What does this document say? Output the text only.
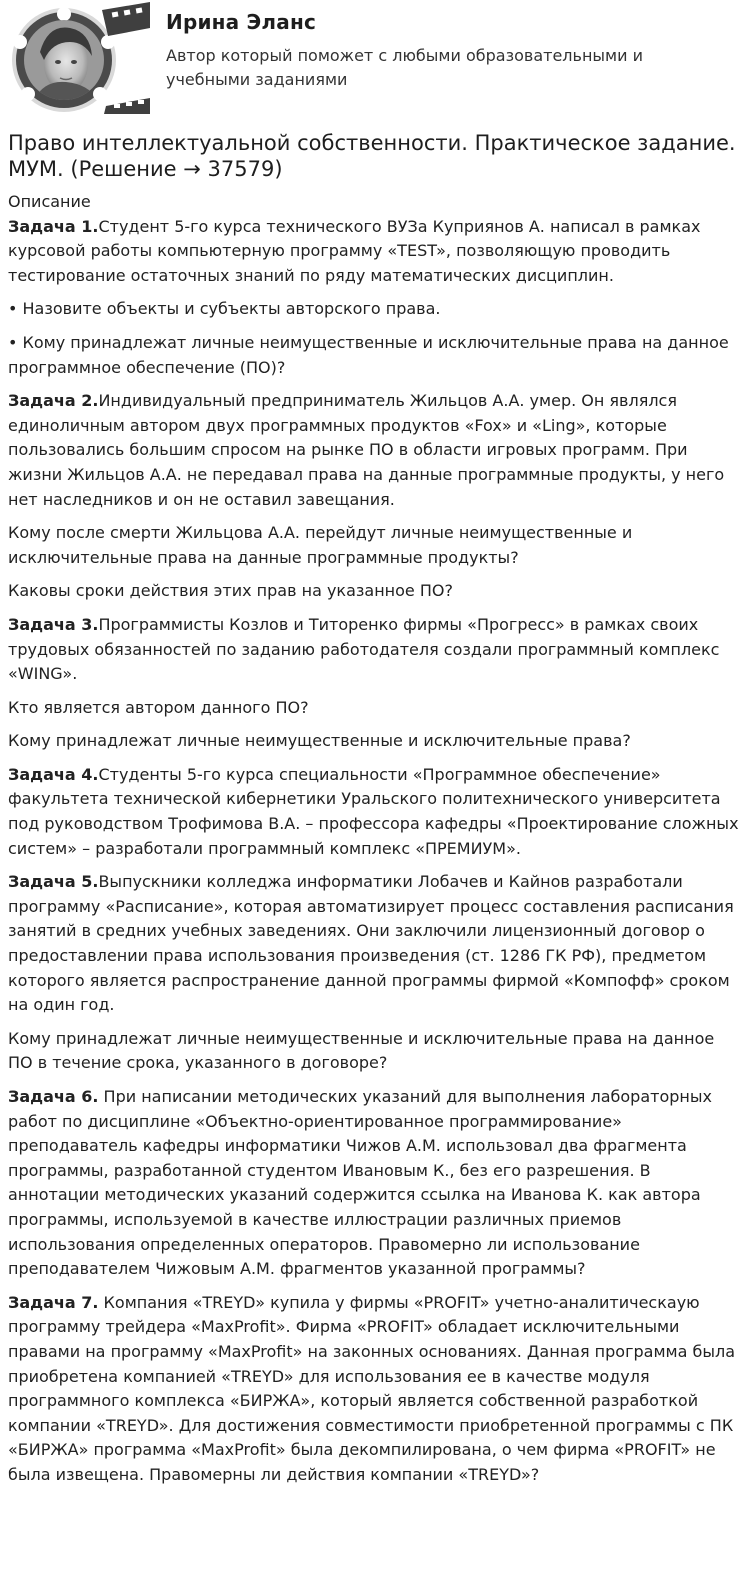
Ирина Эланс
Автор который поможет с любыми образовательными и учебными заданиями
Право интеллектуальной собственности. Практическое задание. МУМ. (Решение → 37579)

Описание

Задача 1.Студент 5-го курса технического ВУЗа Куприянов А. написал в рамках курсовой работы компьютерную программу «TEST», позволяющую проводить тестирование остаточных знаний по ряду математических дисциплин.

• Назовите объекты и субъекты авторского права.

• Кому принадлежат личные неимущественные и исключительные права на данное программное обеспечение (ПО)?

Задача 2.Индивидуальный предприниматель Жильцов А.А. умер. Он являлся единоличным автором двух программных продуктов «Fox» и «Ling», которые пользовались большим спросом на рынке ПО в области игровых программ. При жизни Жильцов А.А. не передавал права на данные программные продукты, у него нет наследников и он не оставил завещания.

Кому после смерти Жильцова А.А. перейдут личные неимущественные и исключительные права на данные программные продукты?

Каковы сроки действия этих прав на указанное ПО?

Задача 3.Программисты Козлов и Титоренко фирмы «Прогресс» в рамках своих трудовых обязанностей по заданию работодателя создали программный комплекс «WING».

Кто является автором данного ПО?

Кому принадлежат личные неимущественные и исключительные права?

Задача 4.Студенты 5-го курса специальности «Программное обеспечение» факультета технической кибернетики Уральского политехнического университета под руководством Трофимова В.А. – профессора кафедры «Проектирование сложных систем» – разработали программный комплекс «ПРЕМИУМ».

Задача 5.Выпускники колледжа информатики Лобачев и Кайнов разработали программу «Расписание», которая автоматизирует процесс составления расписания занятий в средних учебных заведениях. Они заключили лицензионный договор о предоставлении права использования произведения (ст. 1286 ГК РФ), предметом которого является распространение данной программы фирмой «Компофф» сроком на один год.

Кому принадлежат личные неимущественные и исключительные права на данное ПО в течение срока, указанного в договоре?

Задача 6. При написании методических указаний для выполнения лабораторных работ по дисциплине «Объектно-ориентированное программирование» преподаватель кафедры информатики Чижов А.М. использовал два фрагмента программы, разработанной студентом Ивановым К., без его разрешения. В аннотации методических указаний содержится ссылка на Иванова К. как автора программы, используемой в качестве иллюстрации различных приемов использования определенных операторов. Правомерно ли использование преподавателем Чижовым А.М. фрагментов указанной программы?

Задача 7. Компания «TREYD» купила у фирмы «PROFIT» учетно-аналитическаую программу трейдера «MaxProfit». Фирма «PROFIT» обладает исключительными правами на программу «MaxProfit» на законных основаниях. Данная программа была приобретена компанией «TREYD» для использования ее в качестве модуля программного комплекса «БИРЖА», который является собственной разработкой компании «TREYD». Для достижения совместимости приобретенной программы с ПК «БИРЖА» программа «MaxProfit» была декомпилирована, о чем фирма «PROFIT» не была извещена. Правомерны ли действия компании «TREYD»?
